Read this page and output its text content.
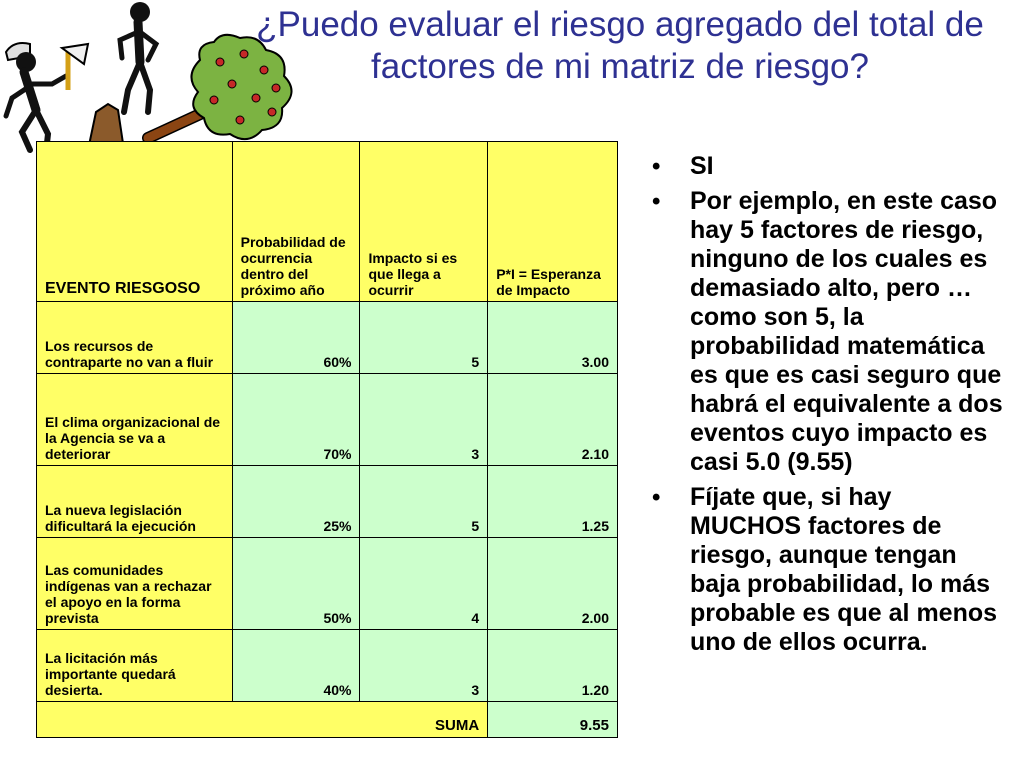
¿Puedo evaluar el riesgo agregado del total de factores de mi matriz de riesgo?
EVENTO RIESGOSO	Probabilidad de ocurrencia dentro del próximo año	Impacto si es que llega a ocurrir	P*I = Esperanza de Impacto
Los recursos de contraparte no van a fluir	60%	5	3.00
El clima organizacional de la Agencia se va a deteriorar	70%	3	2.10
La nueva legislación dificultará la ejecución	25%	5	1.25
Las comunidades indígenas van a rechazar el apoyo en la forma prevista	50%	4	2.00
La licitación más importante quedará desierta.	40%	3	1.20
SUMA			9.55
• SI
• Por ejemplo, en este caso hay 5 factores de riesgo, ninguno de los cuales es demasiado alto, pero … como son 5, la probabilidad matemática es que es casi seguro que habrá el equivalente a dos eventos cuyo impacto es casi 5.0 (9.55)
• Fíjate que, si hay MUCHOS factores de riesgo, aunque tengan baja probabilidad, lo más probable es que al menos uno de ellos ocurra.
